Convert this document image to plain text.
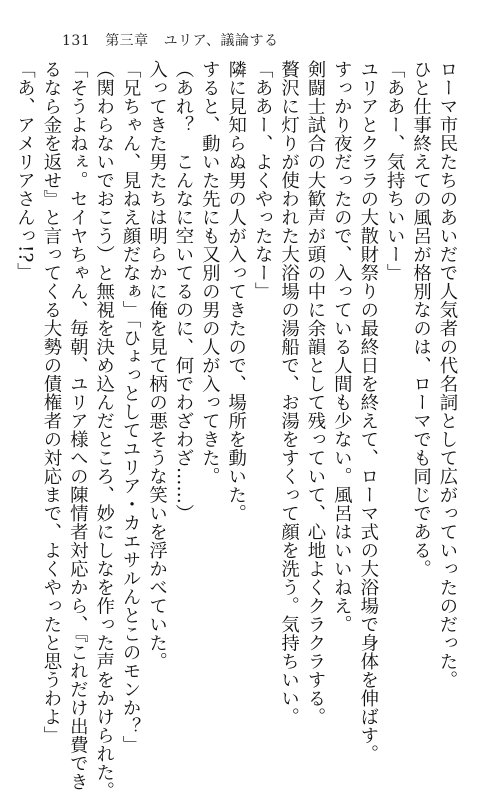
131 第三章 ユリア、議論する
ローマ市民たちのあいだで人気者の代名詞として広がっていったのだった。
ひと仕事終えての風呂が格別なのは、ローマでも同じである。
「ああー、気持ちいいー」
ユリアとクララの大散財祭りの最終日を終えて、ローマ式の大浴場で身体を伸ばす。
すっかり夜だったので、入っている人間も少ない。風呂はいいねえ。
剣闘士試合の大歓声が頭の中に余韻として残っていて、心地よくクラクラする。
贅沢に灯りが使われた大浴場の湯船で、お湯をすくって顔を洗う。気持ちいい。
「ああー、よくやったなー」
隣に見知らぬ男の人が入ってきたので、場所を動いた。
すると、動いた先にも又別の男の人が入ってきた。
（あれ？　こんなに空いてるのに、何でわざわざ……）
入ってきた男たちは明らかに俺を見て柄の悪そうな笑いを浮かべていた。
「兄ちゃん、見ねえ顔だなぁ」「ひょっとしてユリア・カエサルんとこのモンか？」
（関わらないでおこう）と無視を決め込んだところ、妙にしなを作った声をかけられた。
「そうよねぇ。セイヤちゃん、毎朝、ユリア様への陳情者対応から、『これだけ出費でき
るなら金を返せ』と言ってくる大勢の債権者の対応まで、よくやったと思うわよ」
「あ、アメリアさんっ!?」
